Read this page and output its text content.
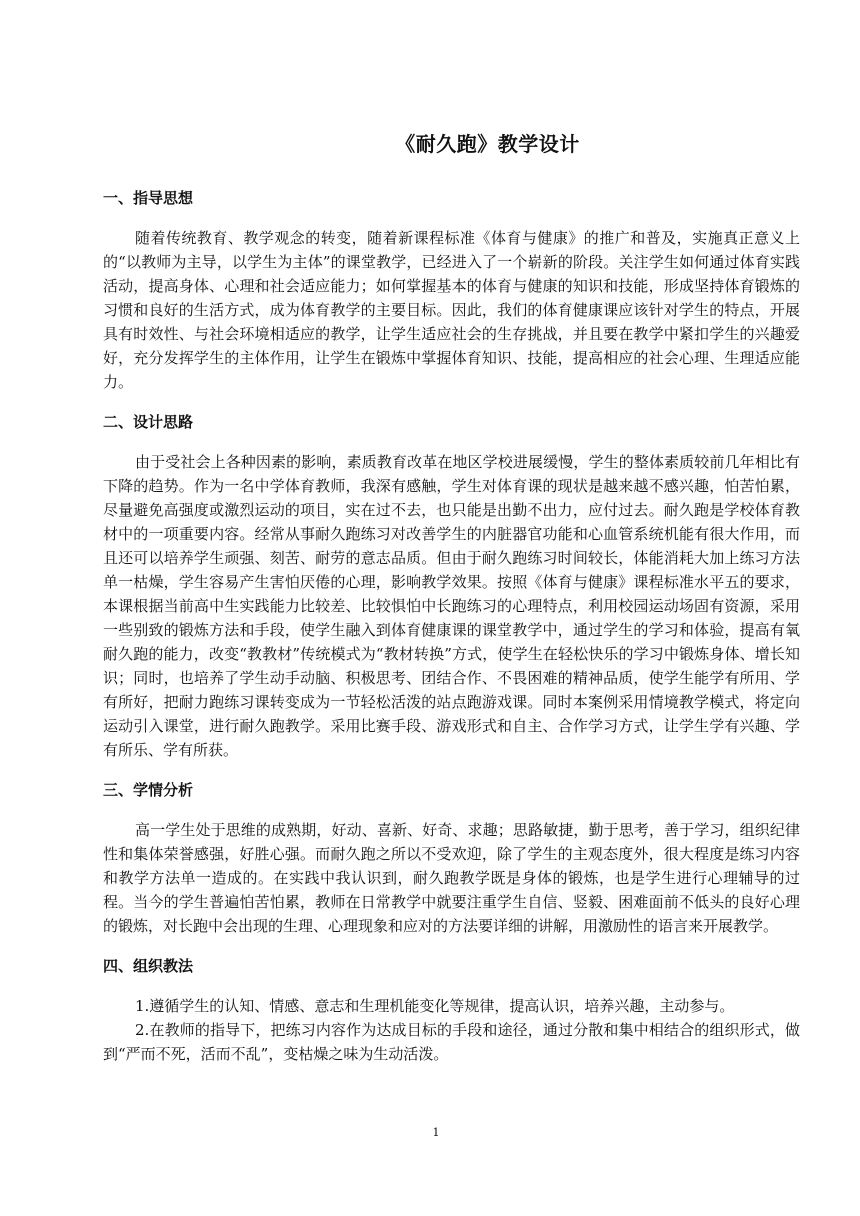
《耐久跑》教学设计
一、指导思想

随着传统教育、教学观念的转变，随着新课程标准《体育与健康》的推广和普及，实施真正意义上的“以教师为主导，以学生为主体”的课堂教学，已经进入了一个崭新的阶段。关注学生如何通过体育实践活动，提高身体、心理和社会适应能力；如何掌握基本的体育与健康的知识和技能，形成坚持体育锻炼的习惯和良好的生活方式，成为体育教学的主要目标。因此，我们的体育健康课应该针对学生的特点，开展具有时效性、与社会环境相适应的教学，让学生适应社会的生存挑战，并且要在教学中紧扣学生的兴趣爱好，充分发挥学生的主体作用，让学生在锻炼中掌握体育知识、技能，提高相应的社会心理、生理适应能力。

二、设计思路

由于受社会上各种因素的影响，素质教育改革在地区学校进展缓慢，学生的整体素质较前几年相比有下降的趋势。作为一名中学体育教师，我深有感触，学生对体育课的现状是越来越不感兴趣，怕苦怕累，尽量避免高强度或激烈运动的项目，实在过不去，也只能是出勤不出力，应付过去。耐久跑是学校体育教材中的一项重要内容。经常从事耐久跑练习对改善学生的内脏器官功能和心血管系统机能有很大作用，而且还可以培养学生顽强、刻苦、耐劳的意志品质。但由于耐久跑练习时间较长，体能消耗大加上练习方法单一枯燥，学生容易产生害怕厌倦的心理，影响教学效果。按照《体育与健康》课程标准水平五的要求，本课根据当前高中生实践能力比较差、比较惧怕中长跑练习的心理特点，利用校园运动场固有资源，采用一些别致的锻炼方法和手段，使学生融入到体育健康课的课堂教学中，通过学生的学习和体验，提高有氧耐久跑的能力，改变“教教材”传统模式为“教材转换”方式，使学生在轻松快乐的学习中锻炼身体、增长知识；同时，也培养了学生动手动脑、积极思考、团结合作、不畏困难的精神品质，使学生能学有所用、学有所好，把耐力跑练习课转变成为一节轻松活泼的站点跑游戏课。同时本案例采用情境教学模式，将定向运动引入课堂，进行耐久跑教学。采用比赛手段、游戏形式和自主、合作学习方式，让学生学有兴趣、学有所乐、学有所获。

三、学情分析

高一学生处于思维的成熟期，好动、喜新、好奇、求趣；思路敏捷，勤于思考，善于学习，组织纪律性和集体荣誉感强，好胜心强。而耐久跑之所以不受欢迎，除了学生的主观态度外，很大程度是练习内容和教学方法单一造成的。在实践中我认识到，耐久跑教学既是身体的锻炼，也是学生进行心理辅导的过程。当今的学生普遍怕苦怕累，教师在日常教学中就要注重学生自信、竖毅、困难面前不低头的良好心理的锻炼，对长跑中会出现的生理、心理现象和应对的方法要详细的讲解，用激励性的语言来开展教学。

四、组织教法

1.遵循学生的认知、情感、意志和生理机能变化等规律，提高认识，培养兴趣，主动参与。

2.在教师的指导下，把练习内容作为达成目标的手段和途径，通过分散和集中相结合的组织形式，做到“严而不死，活而不乱”，变枯燥之味为生动活泼。

1
